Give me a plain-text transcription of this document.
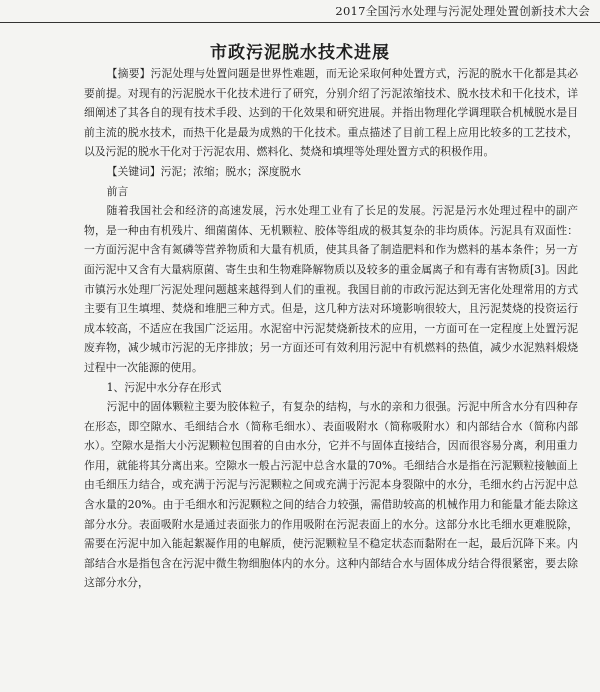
2017全国污水处理与污泥处理处置创新技术大会
市政污泥脱水技术进展

【摘要】污泥处理与处置问题是世界性难题，而无论采取何种处置方式，污泥的脱水干化都是其必要前提。对现有的污泥脱水干化技术进行了研究，分别介绍了污泥浓缩技术、脱水技术和干化技术，详细阐述了其各自的现有技术手段、达到的干化效果和研究进展。并指出物理化学调理联合机械脱水是目前主流的脱水技术，而热干化是最为成熟的干化技术。重点描述了目前工程上应用比较多的工艺技术，以及污泥的脱水干化对于污泥农用、燃料化、焚烧和填埋等处理处置方式的积极作用。

【关键词】污泥；浓缩；脱水；深度脱水

前言

随着我国社会和经济的高速发展，污水处理工业有了长足的发展。污泥是污水处理过程中的副产物，是一种由有机残片、细菌菌体、无机颗粒、胶体等组成的极其复杂的非均质体。污泥具有双面性：一方面污泥中含有氮磷等营养物质和大量有机质，使其具备了制造肥料和作为燃料的基本条件；另一方面污泥中又含有大量病原菌、寄生虫和生物难降解物质以及较多的重金属离子和有毒有害物质[3]。因此市镇污水处理厂污泥处理问题越来越得到人们的重视。我国目前的市政污泥达到无害化处理常用的方式主要有卫生填埋、焚烧和堆肥三种方式。但是，这几种方法对环境影响很较大，且污泥焚烧的投资运行成本较高，不适应在我国广泛运用。水泥窑中污泥焚烧新技术的应用，一方面可在一定程度上处置污泥废弃物，减少城市污泥的无序排放；另一方面还可有效利用污泥中有机燃料的热值，减少水泥熟料煅烧过程中一次能源的使用。

1、污泥中水分存在形式

污泥中的固体颗粒主要为胶体粒子，有复杂的结构，与水的亲和力很强。污泥中所含水分有四种存在形态，即空隙水、毛细结合水（简称毛细水）、表面吸附水（简称吸附水）和内部结合水（简称内部水）。空隙水是指大小污泥颗粒包围着的自由水分，它并不与固体直接结合，因而很容易分离，利用重力作用，就能将其分离出来。空隙水一般占污泥中总含水量的70%。毛细结合水是指在污泥颗粒接触面上由毛细压力结合，或充满于污泥与污泥颗粒之间或充满于污泥本身裂隙中的水分，毛细水约占污泥中总含水量的20%。由于毛细水和污泥颗粒之间的结合力较强，需借助较高的机械作用力和能量才能去除这部分水分。表面吸附水是通过表面张力的作用吸附在污泥表面上的水分。这部分水比毛细水更难脱除，需要在污泥中加入能起絮凝作用的电解质，使污泥颗粒呈不稳定状态而黏附在一起，最后沉降下来。内部结合水是指包含在污泥中微生物细胞体内的水分。这种内部结合水与固体成分结合得很紧密，要去除这部分水分，
